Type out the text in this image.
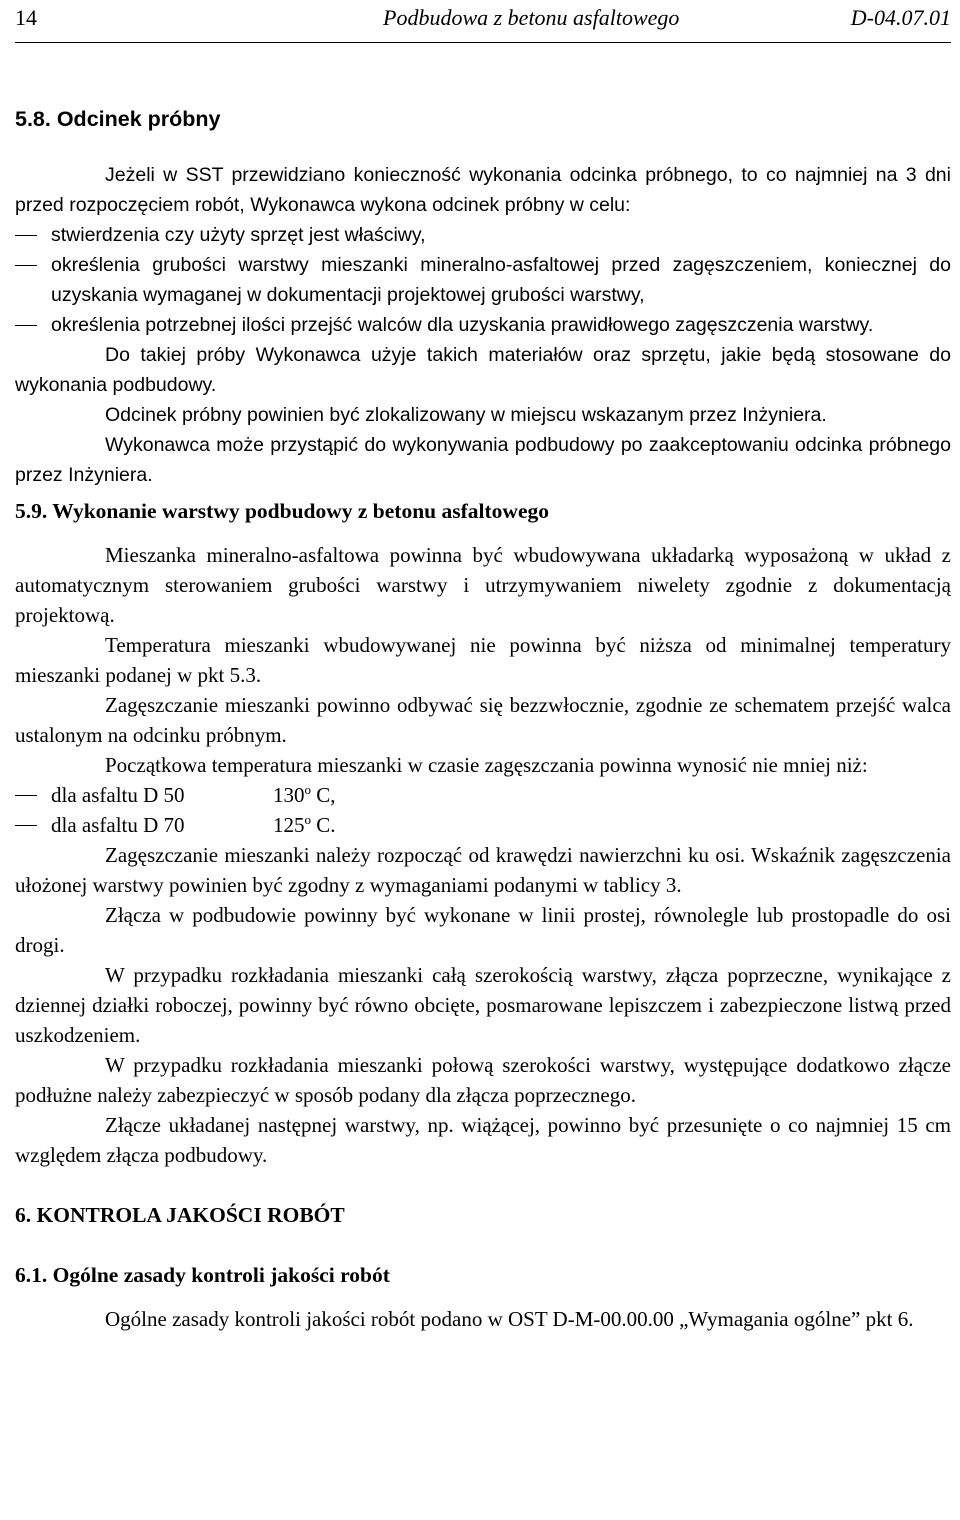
14	Podbudowa z betonu asfaltowego	D-04.07.01
5.8. Odcinek próbny

Jeżeli w SST przewidziano konieczność wykonania odcinka próbnego, to co najmniej na 3 dni przed rozpoczęciem robót, Wykonawca wykona odcinek próbny w celu:

stwierdzenia czy użyty sprzęt jest właściwy,
określenia grubości warstwy mieszanki mineralno-asfaltowej przed zagęszczeniem, koniecznej do uzyskania wymaganej w dokumentacji projektowej grubości warstwy,
określenia potrzebnej ilości przejść walców dla uzyskania prawidłowego zagęszczenia warstwy.

Do takiej próby Wykonawca użyje takich materiałów oraz sprzętu, jakie będą stosowane do wykonania podbudowy.

Odcinek próbny powinien być zlokalizowany w miejscu wskazanym przez Inżyniera.

Wykonawca może przystąpić do wykonywania podbudowy po zaakceptowaniu odcinka próbnego przez Inżyniera.

5.9. Wykonanie warstwy podbudowy z betonu asfaltowego

Mieszanka mineralno-asfaltowa powinna być wbudowywana układarką wyposażoną w układ z automatycznym sterowaniem grubości warstwy i utrzymywaniem niwelety zgodnie z dokumentacją projektową.

Temperatura mieszanki wbudowywanej nie powinna być niższa od minimalnej temperatury mieszanki podanej w pkt 5.3.

Zagęszczanie mieszanki powinno odbywać się bezzwłocznie, zgodnie ze schematem przejść walca ustalonym na odcinku próbnym.

Początkowa temperatura mieszanki w czasie zagęszczania powinna wynosić nie mniej niż:

dla asfaltu D 50	130$^o$ C,
dla asfaltu D 70	125$^o$ C.

Zagęszczanie mieszanki należy rozpocząć od krawędzi nawierzchni ku osi. Wskaźnik zagęszczenia ułożonej warstwy powinien być zgodny z wymaganiami podanymi w tablicy 3.

Złącza w podbudowie powinny być wykonane w linii prostej, równolegle lub prostopadle do osi drogi.

W przypadku rozkładania mieszanki całą szerokością warstwy, złącza poprzeczne, wynikające z dziennej działki roboczej, powinny być równo obcięte, posmarowane lepiszczem i zabezpieczone listwą przed uszkodzeniem.

W przypadku rozkładania mieszanki połową szerokości warstwy, występujące dodatkowo złącze podłużne należy zabezpieczyć w sposób podany dla złącza poprzecznego.

Złącze układanej następnej warstwy, np. wiążącej, powinno być przesunięte o co najmniej 15 cm względem złącza podbudowy.

6. KONTROLA JAKOŚCI ROBÓT
6.1. Ogólne zasady kontroli jakości robót

Ogólne zasady kontroli jakości robót podano w OST D-M-00.00.00 „Wymagania ogólne” pkt 6.
